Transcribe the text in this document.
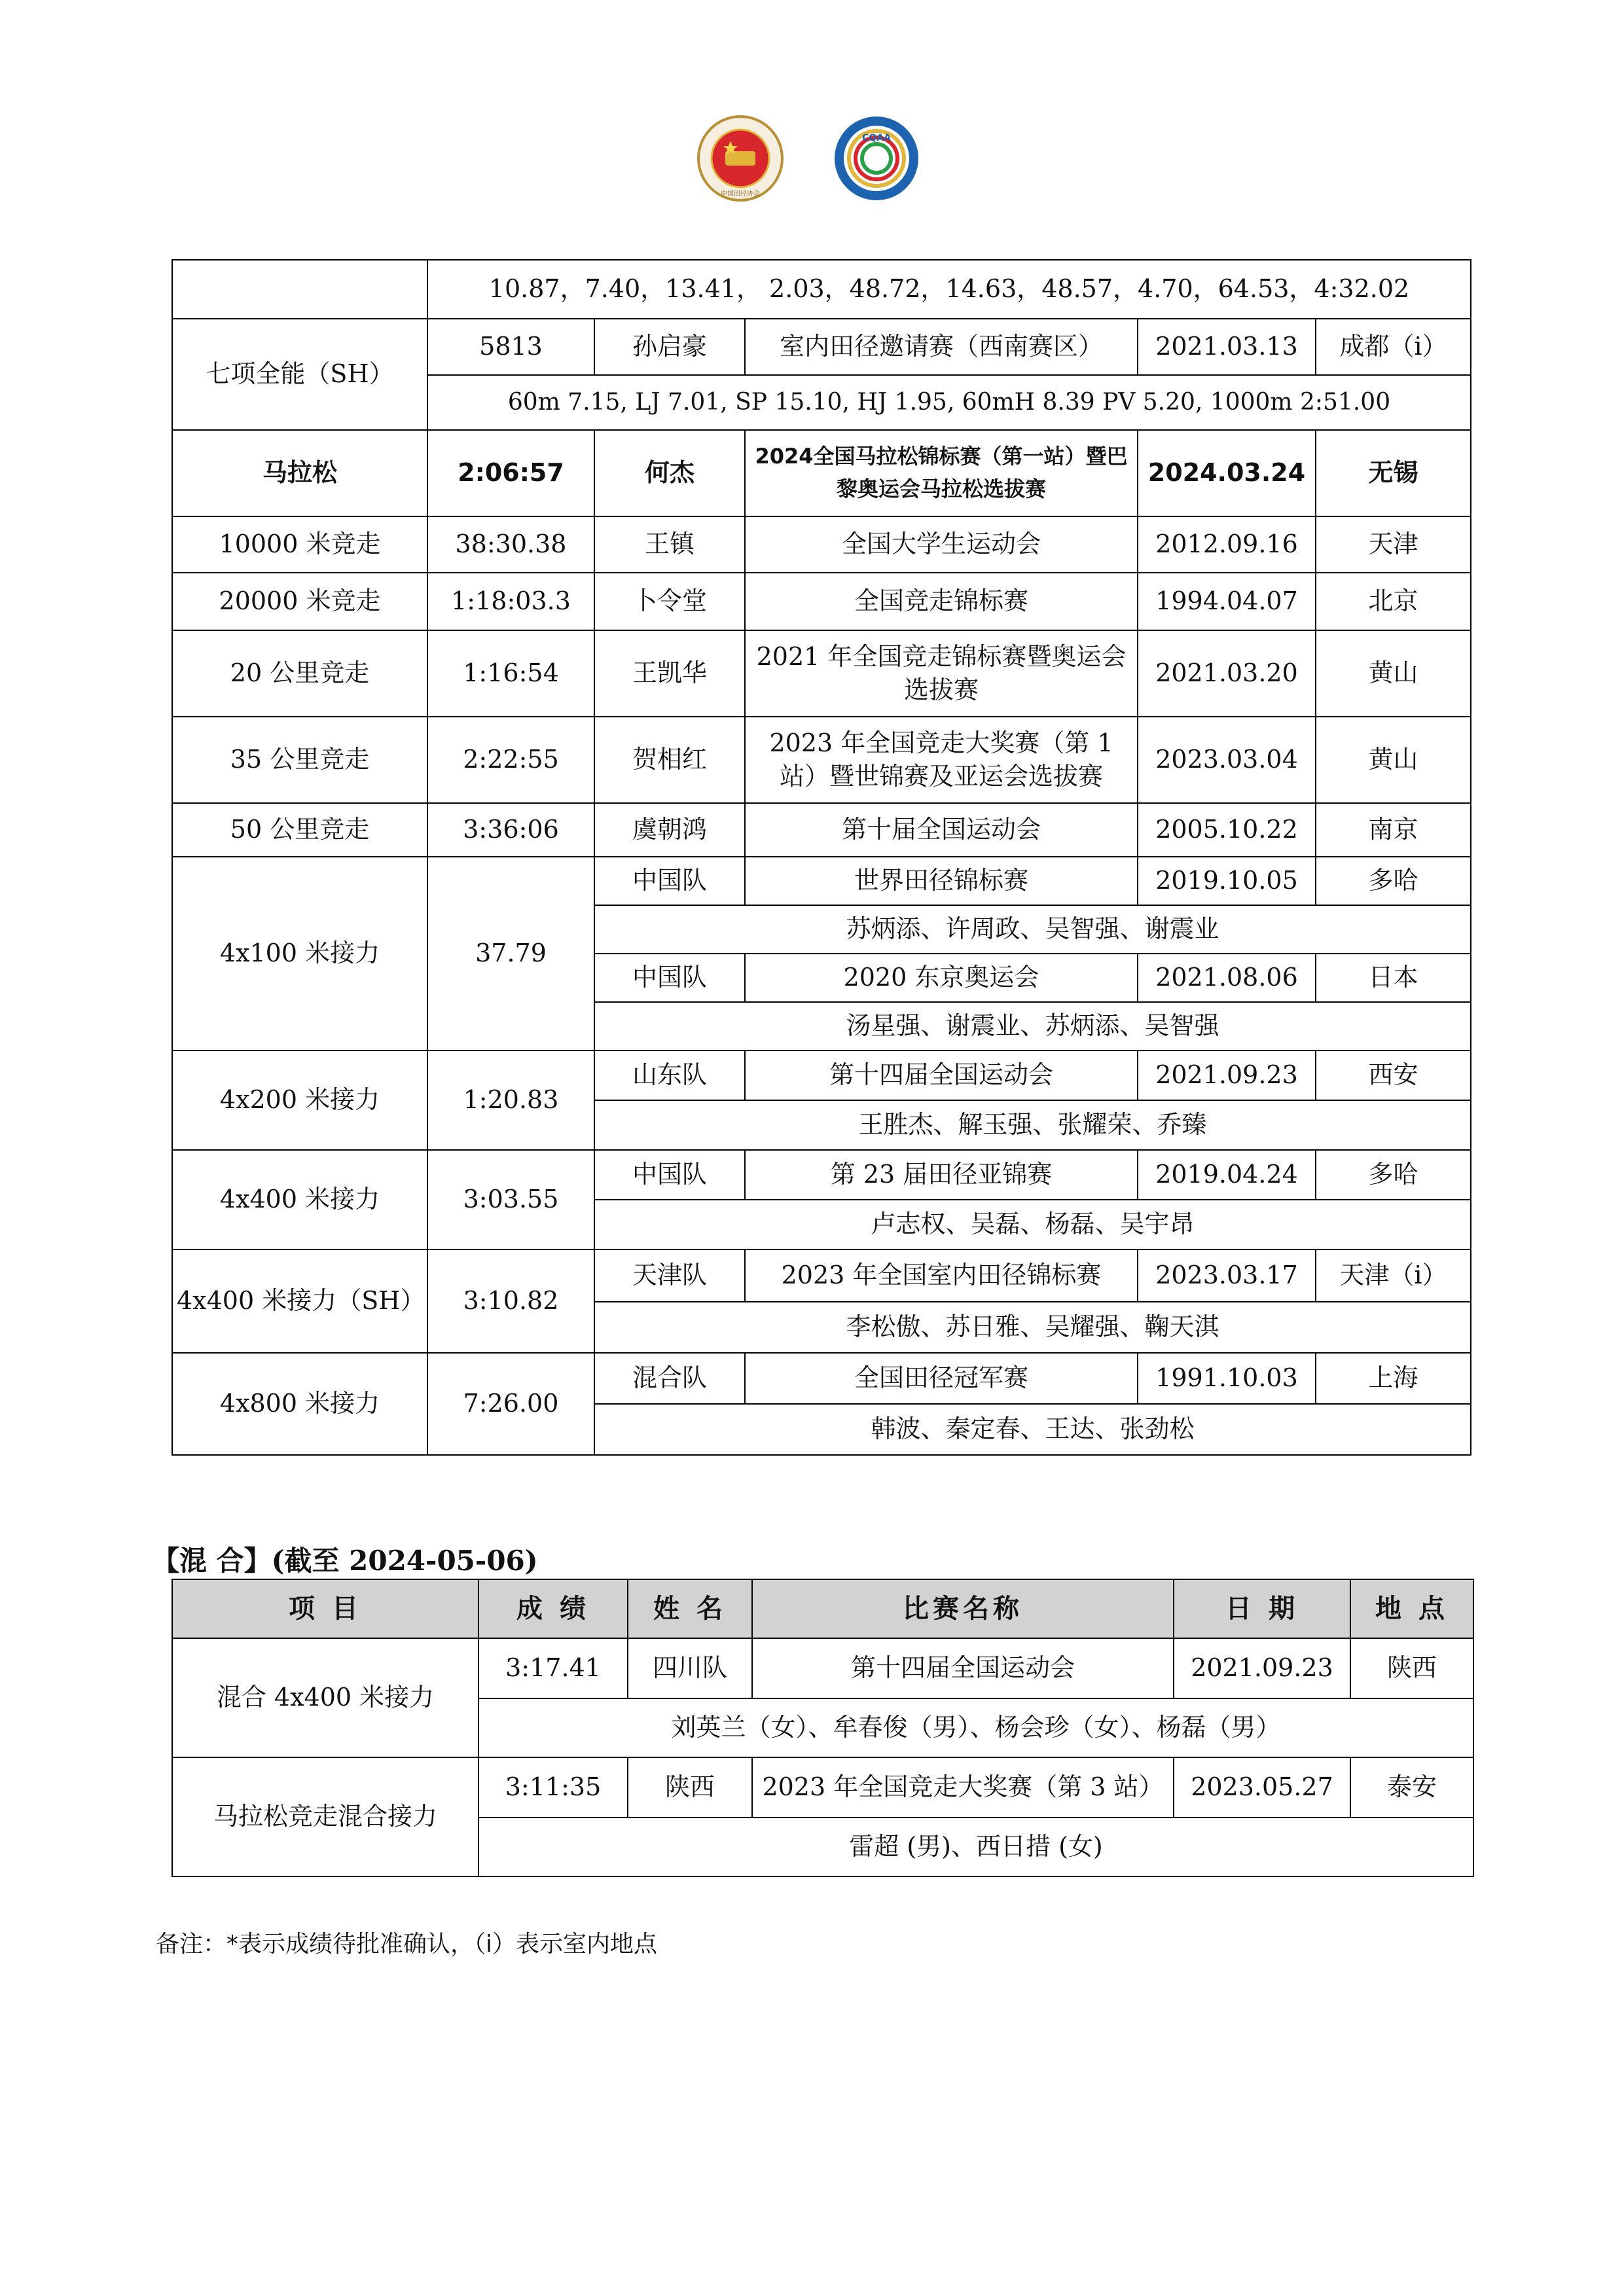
中国田径协会
CQAA
	10.87，7.40，13.41， 2.03，48.72，14.63，48.57，4.70，64.53，4:32.02				
七项全能（SH）	5813	孙启豪	室内田径邀请赛（西南赛区）	2021.03.13	成都（i）
	60m 7.15, LJ 7.01, SP 15.10, HJ 1.95, 60mH 8.39 PV 5.20, 1000m 2:51.00				
马拉松	2:06:57	何杰	2024全国马拉松锦标赛（第一站）暨巴黎奥运会马拉松选拔赛	2024.03.24	无锡
10000 米竞走	38:30.38	王镇	全国大学生运动会	2012.09.16	天津
20000 米竞走	1:18:03.3	卜令堂	全国竞走锦标赛	1994.04.07	北京
20 公里竞走	1:16:54	王凯华	2021 年全国竞走锦标赛暨奥运会选拔赛	2021.03.20	黄山
35 公里竞走	2:22:55	贺相红	2023 年全国竞走大奖赛（第 1 站）暨世锦赛及亚运会选拔赛	2023.03.04	黄山
50 公里竞走	3:36:06	虞朝鸿	第十届全国运动会	2005.10.22	南京
4x100 米接力	37.79	中国队	世界田径锦标赛	2019.10.05	多哈
		苏炳添、许周政、吴智强、谢震业			
		中国队	2020 东京奥运会	2021.08.06	日本
		汤星强、谢震业、苏炳添、吴智强			
4x200 米接力	1:20.83	山东队	第十四届全国运动会	2021.09.23	西安
		王胜杰、解玉强、张耀荣、乔臻			
4x400 米接力	3:03.55	中国队	第 23 届田径亚锦赛	2019.04.24	多哈
		卢志权、吴磊、杨磊、吴宇昂			
4x400 米接力（SH）	3:10.82	天津队	2023 年全国室内田径锦标赛	2023.03.17	天津（i）
		李松傲、苏日雅、吴耀强、鞠天淇			
4x800 米接力	7:26.00	混合队	全国田径冠军赛	1991.10.03	上海
		韩波、秦定春、王达、张劲松			
【混 合】(截至 2024-05-06)
项 目	成 绩	姓 名	比赛名称	日 期	地 点
混合 4x400 米接力	3:17.41	四川队	第十四届全国运动会	2021.09.23	陕西
	刘英兰（女）、牟春俊（男）、杨会珍（女）、杨磊（男）				
马拉松竞走混合接力	3:11:35	陕西	2023 年全国竞走大奖赛（第 3 站）	2023.05.27	泰安
	雷超 (男)、西日措 (女)				
备注：*表示成绩待批准确认，（i）表示室内地点
